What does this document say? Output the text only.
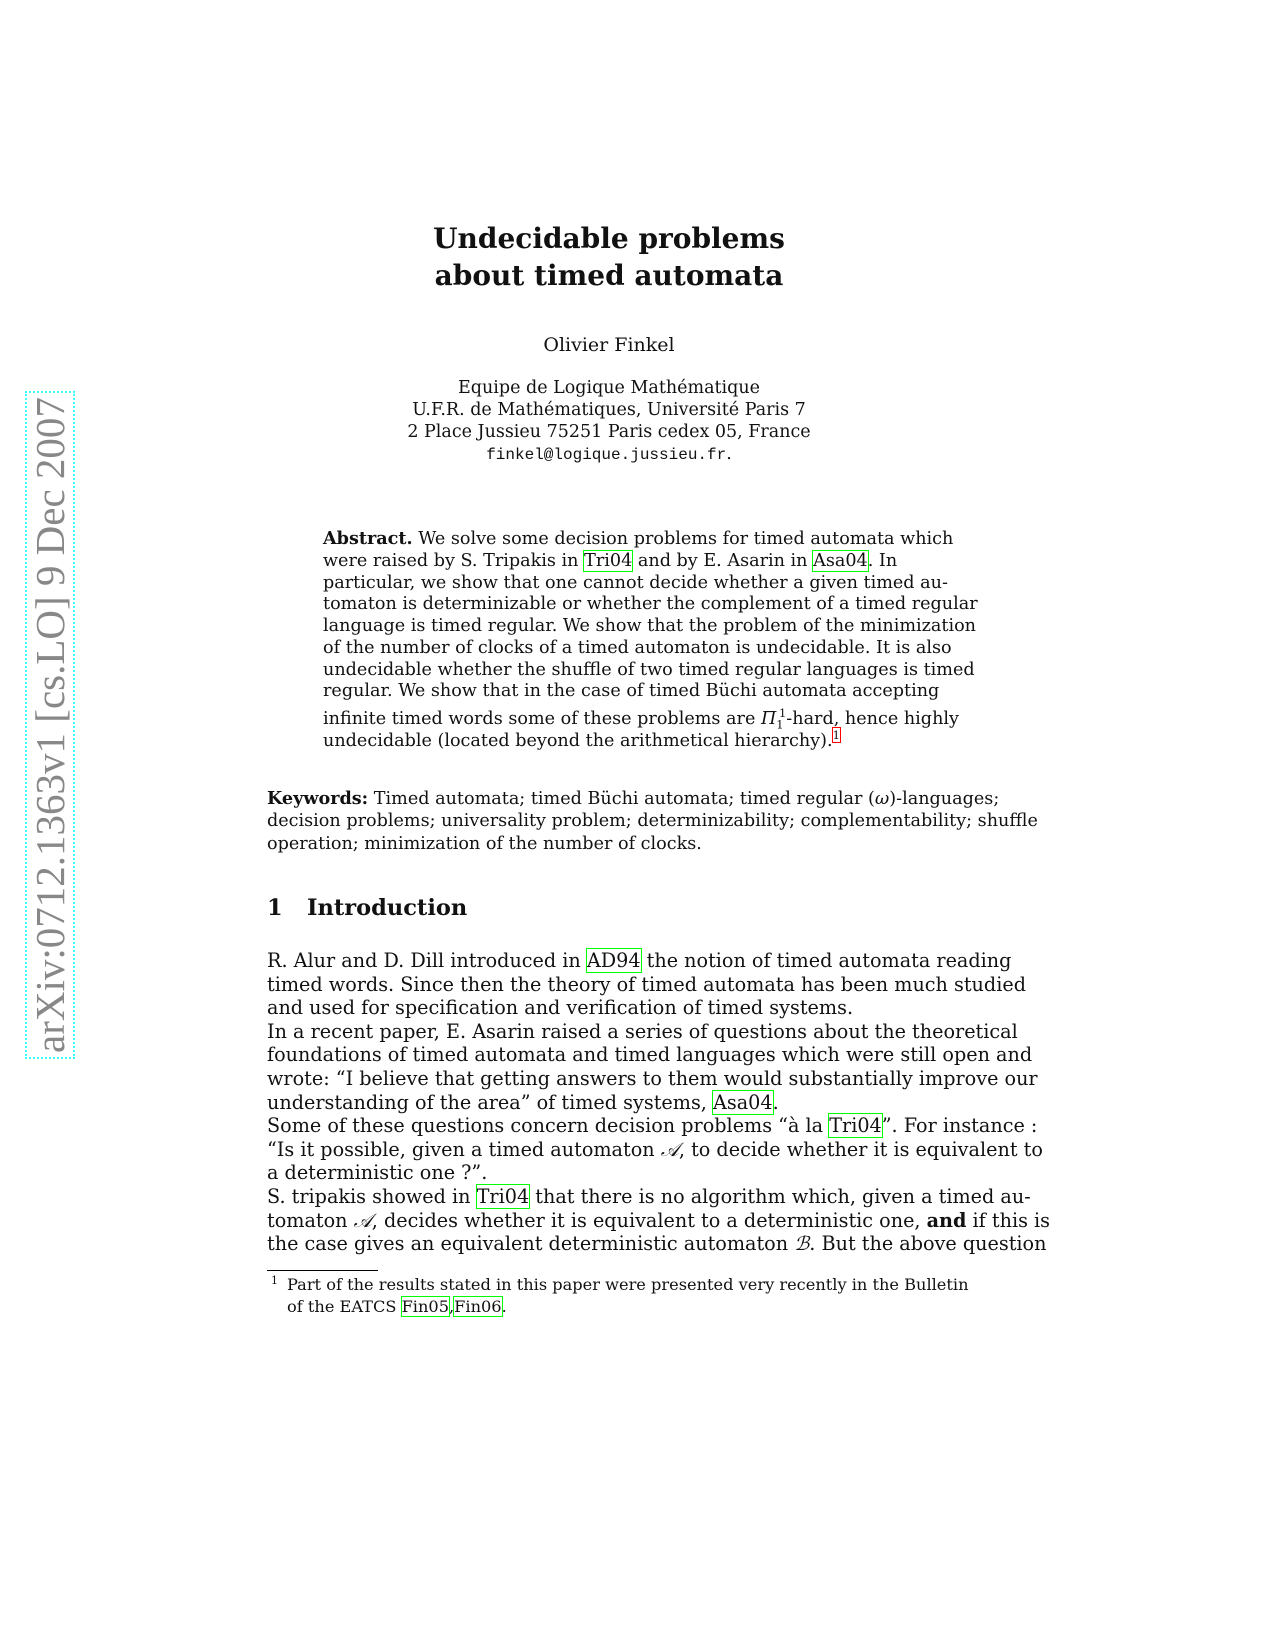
arXiv:0712.1363v1 [cs.LO] 9 Dec 2007
Undecidable problems
about timed automata
Olivier Finkel
Equipe de Logique Mathématique
U.F.R. de Mathématiques, Université Paris 7
2 Place Jussieu 75251 Paris cedex 05, France
finkel@logique.jussieu.fr.
Abstract. We solve some decision problems for timed automata which
were raised by S. Tripakis in Tri04 and by E. Asarin in Asa04. In
particular, we show that one cannot decide whether a given timed au-
tomaton is determinizable or whether the complement of a timed regular
language is timed regular. We show that the problem of the minimization
of the number of clocks of a timed automaton is undecidable. It is also
undecidable whether the shuffle of two timed regular languages is timed
regular. We show that in the case of timed Büchi automata accepting
infinite timed words some of these problems are $\Pi_1^1$-hard, hence highly
undecidable (located beyond the arithmetical hierarchy).$^1$
Keywords: Timed automata; timed Büchi automata; timed regular (ω)-languages;
decision problems; universality problem; determinizability; complementability; shuffle
operation; minimization of the number of clocks.
1 Introduction
R. Alur and D. Dill introduced in AD94 the notion of timed automata reading
timed words. Since then the theory of timed automata has been much studied
and used for specification and verification of timed systems.
In a recent paper, E. Asarin raised a series of questions about the theoretical
foundations of timed automata and timed languages which were still open and
wrote: “I believe that getting answers to them would substantially improve our
understanding of the area” of timed systems, Asa04.
Some of these questions concern decision problems “à la Tri04”. For instance :
“Is it possible, given a timed automaton 𝒜, to decide whether it is equivalent to
a deterministic one ?”.
S. tripakis showed in Tri04 that there is no algorithm which, given a timed au-
tomaton 𝒜, decides whether it is equivalent to a deterministic one, and if this is
the case gives an equivalent deterministic automaton ℬ. But the above question
1 Part of the results stated in this paper were presented very recently in the Bulletin
of the EATCS Fin05,Fin06.
